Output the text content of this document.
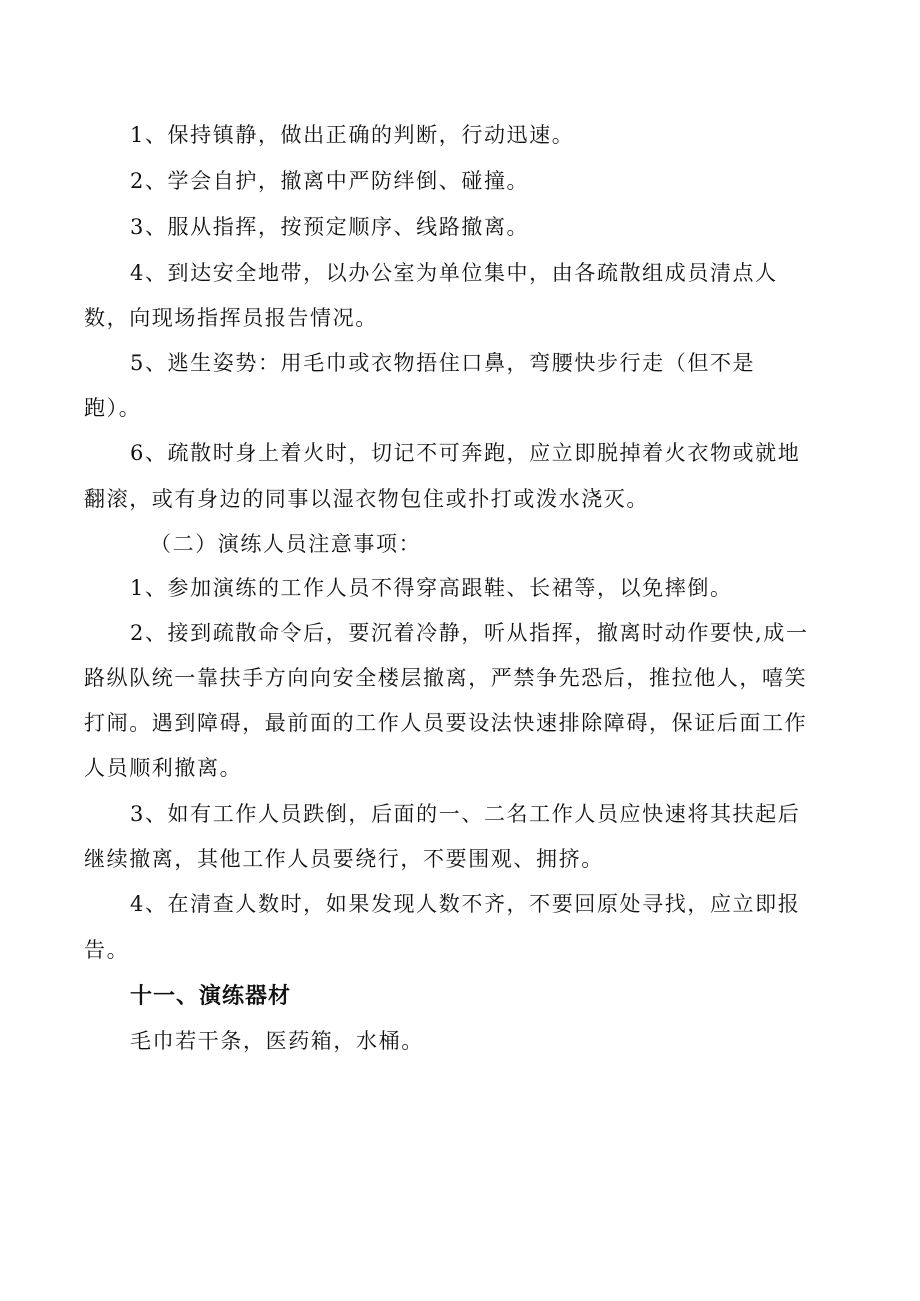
1、保持镇静，做出正确的判断，行动迅速。
2、学会自护，撤离中严防绊倒、碰撞。
3、服从指挥，按预定顺序、线路撤离。
4、到达安全地带，以办公室为单位集中，由各疏散组成员清点人
数，向现场指挥员报告情况。
5、逃生姿势：用毛巾或衣物捂住口鼻，弯腰快步行走（但不是
跑）。
6、疏散时身上着火时，切记不可奔跑，应立即脱掉着火衣物或就地
翻滚，或有身边的同事以湿衣物包住或扑打或泼水浇灭。
（二）演练人员注意事项：
1、参加演练的工作人员不得穿高跟鞋、长裙等，以免摔倒。
2、接到疏散命令后，要沉着冷静，听从指挥，撤离时动作要快,成一
路纵队统一靠扶手方向向安全楼层撤离，严禁争先恐后，推拉他人，嘻笑
打闹。遇到障碍，最前面的工作人员要设法快速排除障碍，保证后面工作
人员顺利撤离。
3、如有工作人员跌倒，后面的一、二名工作人员应快速将其扶起后
继续撤离，其他工作人员要绕行，不要围观、拥挤。
4、在清查人数时，如果发现人数不齐，不要回原处寻找，应立即报
告。
十一、演练器材
毛巾若干条，医药箱，水桶。
